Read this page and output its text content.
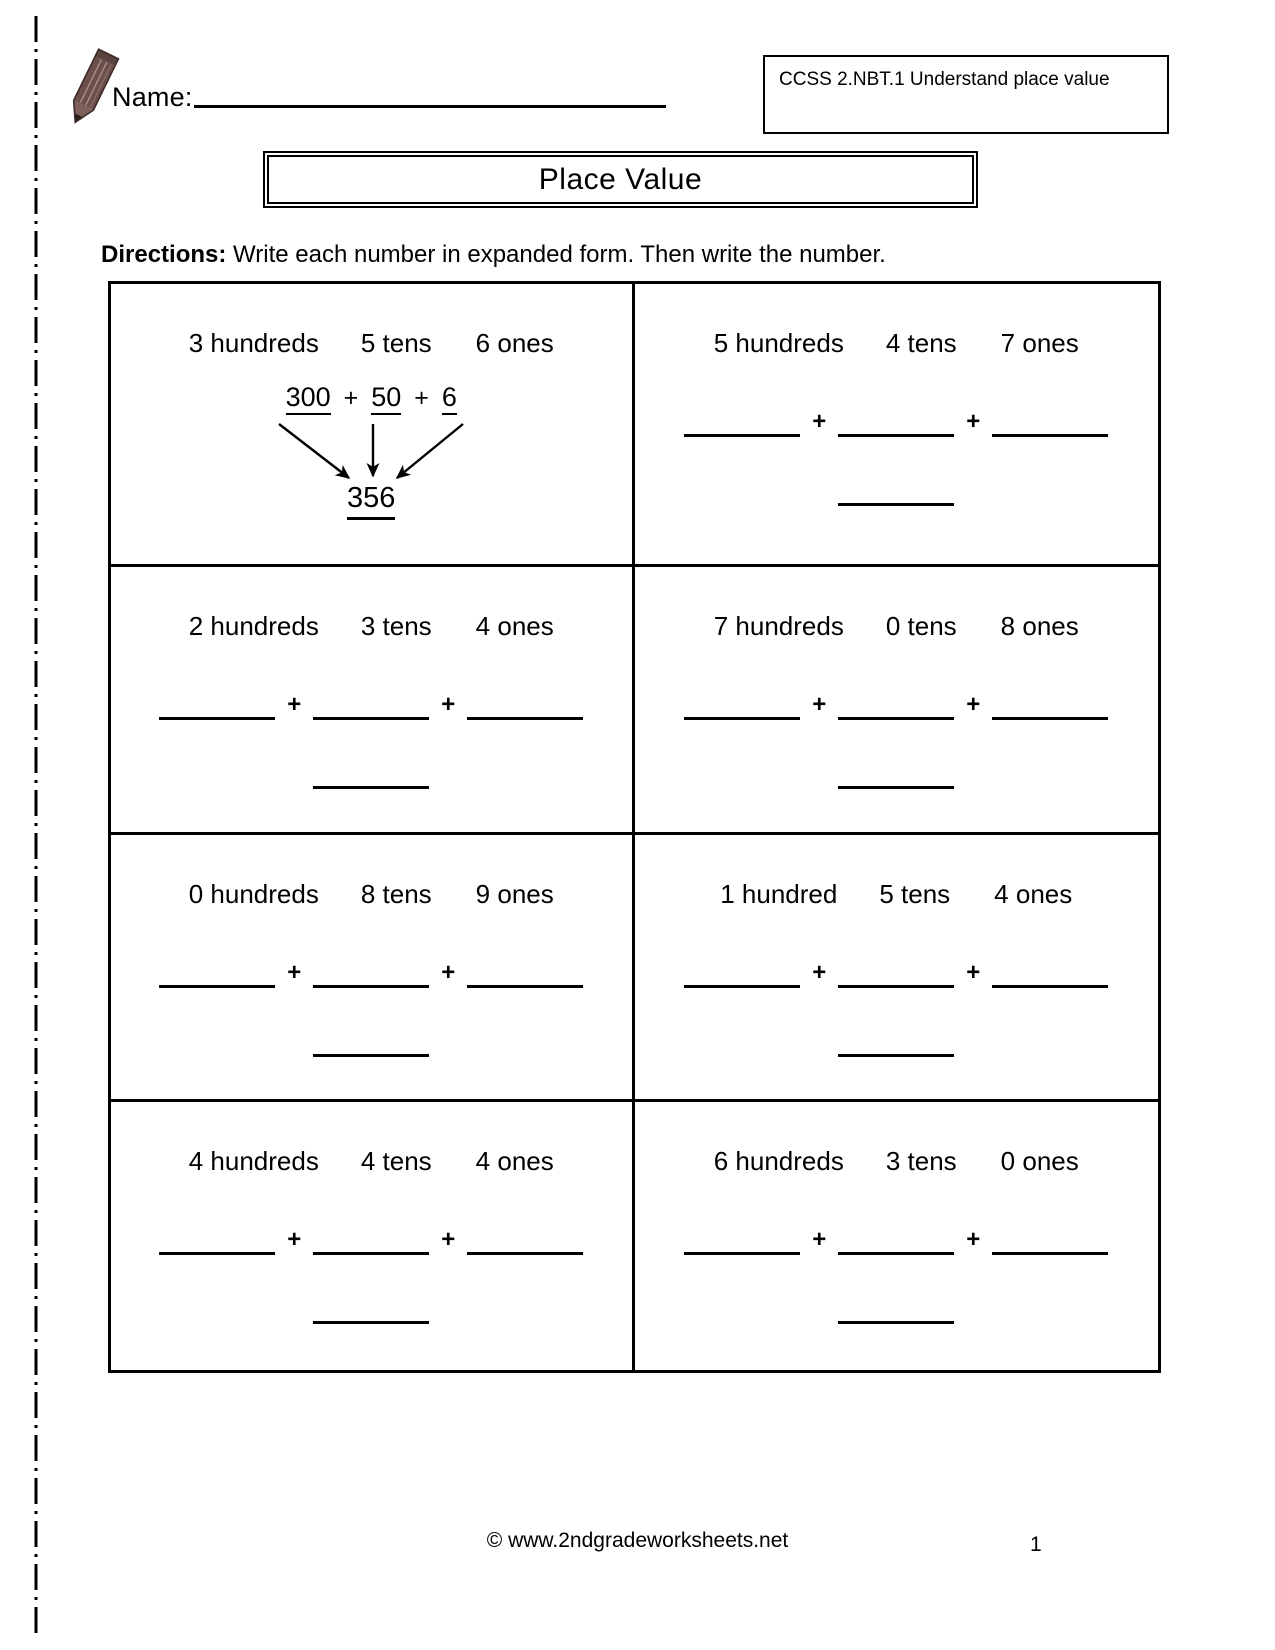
Name:
CCSS 2.NBT.1 Understand place value
Place Value
Directions: Write each number in expanded form. Then write the number.
3 hundreds 5 tens 6 ones
300 + 50 + 6
356
5 hundreds 4 tens 7 ones
+	+
2 hundreds 3 tens 4 ones
+	+
7 hundreds 0 tens 8 ones
+	+
0 hundreds 8 tens 9 ones
+	+
1 hundred 5 tens 4 ones
+	+
4 hundreds 4 tens 4 ones
+	+
6 hundreds 3 tens 0 ones
+	+
© www.2ndgradeworksheets.net	1
